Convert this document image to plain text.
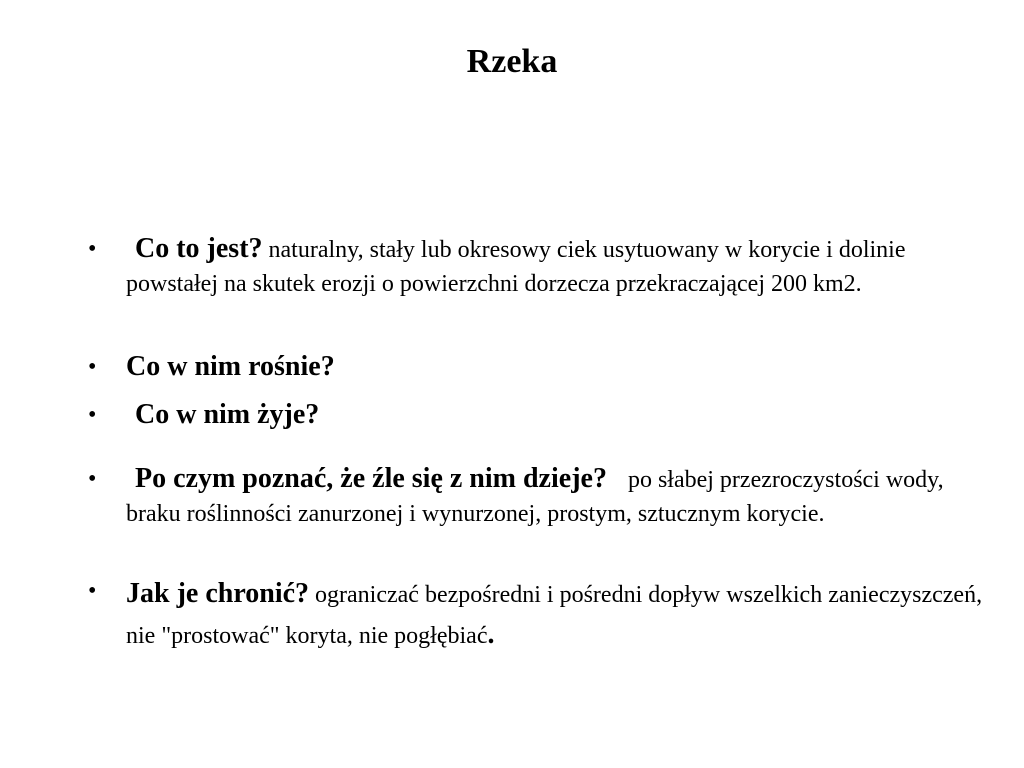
Rzeka
• Co to jest? naturalny, stały lub okresowy ciek usytuowany w korycie i dolinie powstałej na skutek erozji o powierzchni dorzecza przekraczającej 200 km2.
• Co w nim rośnie?
• Co w nim żyje?
• Po czym poznać, że źle się z nim dzieje? po słabej przezroczystości wody, braku roślinności zanurzonej i wynurzonej, prostym, sztucznym korycie.
• Jak je chronić? ograniczać bezpośredni i pośredni dopływ wszelkich zanieczyszczeń, nie "prostować" koryta, nie pogłębiać.
